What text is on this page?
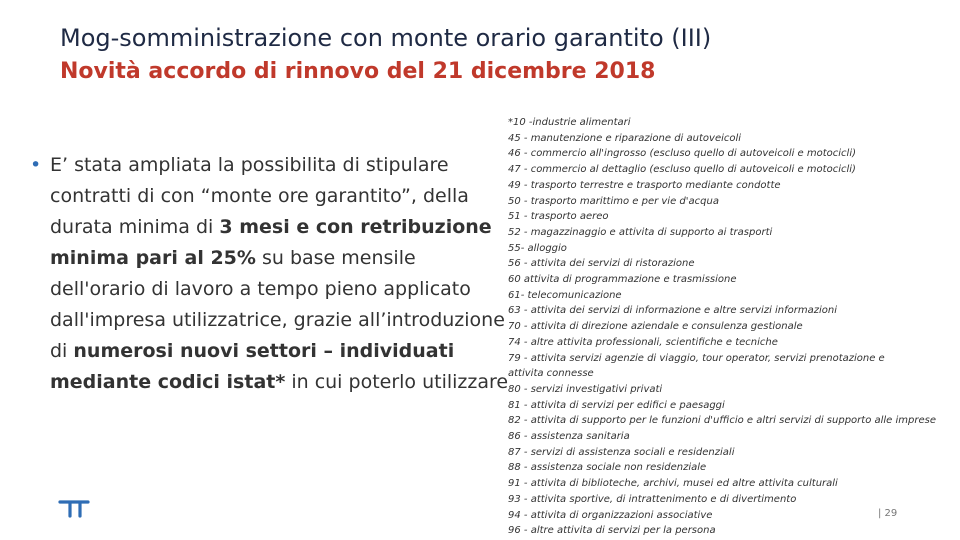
Mog-somministrazione con monte orario garantito (III)
Novità accordo di rinnovo del 21 dicembre 2018
• E’ stata ampliata la possibilita di stipulare contratti di con “monte ore garantito”, della durata minima di 3 mesi e con retribuzione minima pari al 25% su base mensile dell'orario di lavoro a tempo pieno applicato dall'impresa utilizzatrice, grazie all’introduzione di numerosi nuovi settori – individuati mediante codici istat* in cui poterlo utilizzare
*10 -industrie alimentari
45 - manutenzione e riparazione di autoveicoli
46 - commercio all'ingrosso (escluso quello di autoveicoli e motocicli)
47 - commercio al dettaglio (escluso quello di autoveicoli e motocicli)
49 - trasporto terrestre e trasporto mediante condotte
50 - trasporto marittimo e per vie d'acqua
51 - trasporto aereo
52 - magazzinaggio e attivita di supporto ai trasporti
55- alloggio
56 - attivita dei servizi di ristorazione
60 attivita di programmazione e trasmissione
61- telecomunicazione
63 - attivita dei servizi di informazione e altre servizi informazioni
70 - attivita di direzione aziendale e consulenza gestionale
74 - altre attivita professionali, scientifiche e tecniche
79 - attivita servizi agenzie di viaggio, tour operator, servizi prenotazione e
attivita connesse
80 - servizi investigativi privati
81 - attivita di servizi per edifici e paesaggi
82 - attivita di supporto per le funzioni d'ufficio e altri servizi di supporto alle imprese
86 - assistenza sanitaria
87 - servizi di assistenza sociali e residenziali
88 - assistenza sociale non residenziale
91 - attivita di biblioteche, archivi, musei ed altre attivita culturali
93 - attivita sportive, di intrattenimento e di divertimento
94 - attivita di organizzazioni associative
96 - altre attivita di servizi per la persona
| 29
